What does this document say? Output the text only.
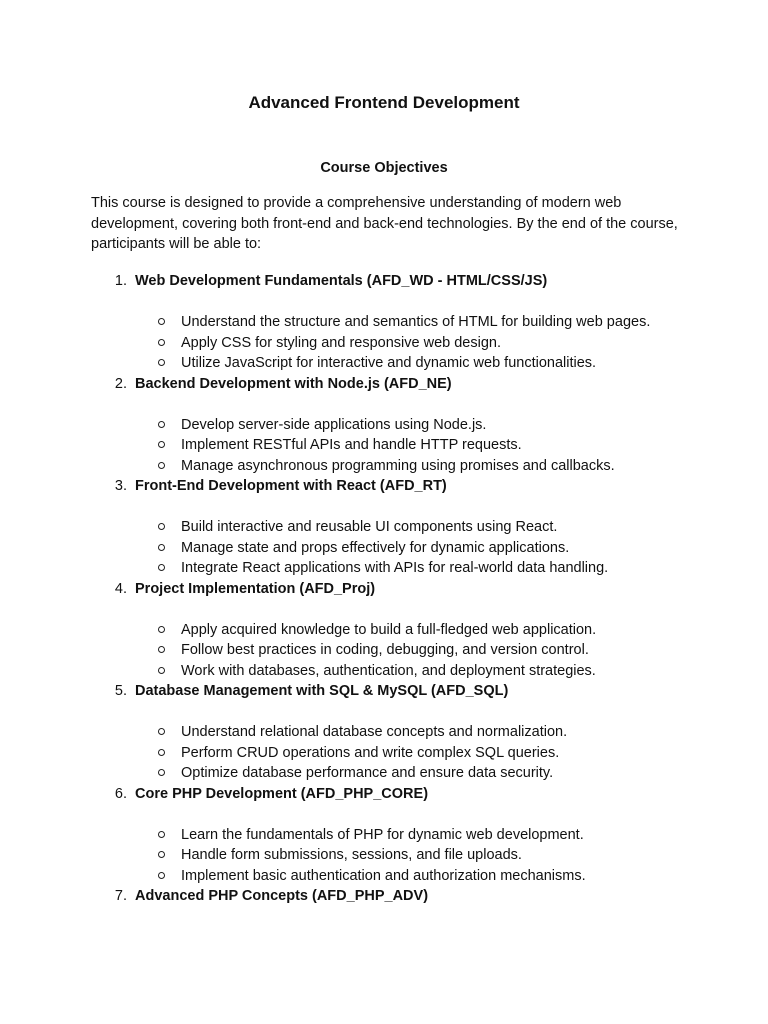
Advanced Frontend Development
Course Objectives

This course is designed to provide a comprehensive understanding of modern web development, covering both front-end and back-end technologies. By the end of the course, participants will be able to:

1. Web Development Fundamentals (AFD_WD - HTML/CSS/JS)
Understand the structure and semantics of HTML for building web pages.
Apply CSS for styling and responsive web design.
Utilize JavaScript for interactive and dynamic web functionalities.
2. Backend Development with Node.js (AFD_NE)
Develop server-side applications using Node.js.
Implement RESTful APIs and handle HTTP requests.
Manage asynchronous programming using promises and callbacks.
3. Front-End Development with React (AFD_RT)
Build interactive and reusable UI components using React.
Manage state and props effectively for dynamic applications.
Integrate React applications with APIs for real-world data handling.
4. Project Implementation (AFD_Proj)
Apply acquired knowledge to build a full-fledged web application.
Follow best practices in coding, debugging, and version control.
Work with databases, authentication, and deployment strategies.
5. Database Management with SQL & MySQL (AFD_SQL)
Understand relational database concepts and normalization.
Perform CRUD operations and write complex SQL queries.
Optimize database performance and ensure data security.
6. Core PHP Development (AFD_PHP_CORE)
Learn the fundamentals of PHP for dynamic web development.
Handle form submissions, sessions, and file uploads.
Implement basic authentication and authorization mechanisms.
7. Advanced PHP Concepts (AFD_PHP_ADV)
